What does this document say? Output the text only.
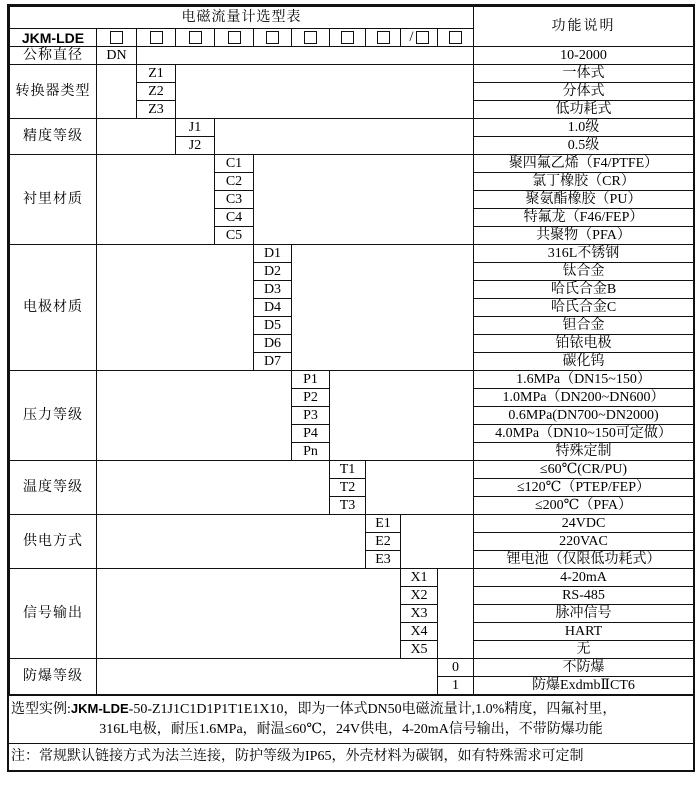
电磁流量计选型表											功能说明
JKM-LDE									/		
公称直径	DN										10-2000
转换器类型		Z1									一体式
		Z2									分体式
		Z3									低功耗式
精度等级			J1								1.0级
			J2								0.5级
衬里材质				C1							聚四氟乙烯（F4/PTFE）
				C2							氯丁橡胶（CR）
				C3							聚氨酯橡胶（PU）
				C4							特氟龙（F46/FEP）
				C5							共聚物（PFA）
电极材质					D1						316L不锈钢
					D2						钛合金
					D3						哈氏合金B
					D4						哈氏合金C
					D5						钽合金
					D6						铂铱电极
					D7						碳化钨
压力等级						P1					1.6MPa（DN15~150）
						P2					1.0MPa（DN200~DN600）
						P3					0.6MPa(DN700~DN2000)
						P4					4.0MPa（DN10~150可定做）
						Pn					特殊定制
温度等级							T1				≤60℃(CR/PU)
							T2				≤120℃（PTEP/FEP）
							T3				≤200℃（PFA）
供电方式								E1			24VDC
								E2			220VAC
								E3			锂电池（仅限低功耗式）
信号输出									X1		4-20mA
									X2		RS-485
									X3		脉冲信号
									X4		HART
									X5		无
防爆等级										0	不防爆
										1	防爆ExdmbⅡCT6
选型实例:JKM-LDE-50-Z1J1C1D1P1T1E1X10，即为一体式DN50电磁流量计,1.0%精度，四氟衬里，
316L电极，耐压1.6MPa，耐温≤60℃，24V供电，4-20mA信号输出，不带防爆功能
注：常规默认链接方式为法兰连接，防护等级为IP65，外壳材料为碳钢，如有特殊需求可定制
